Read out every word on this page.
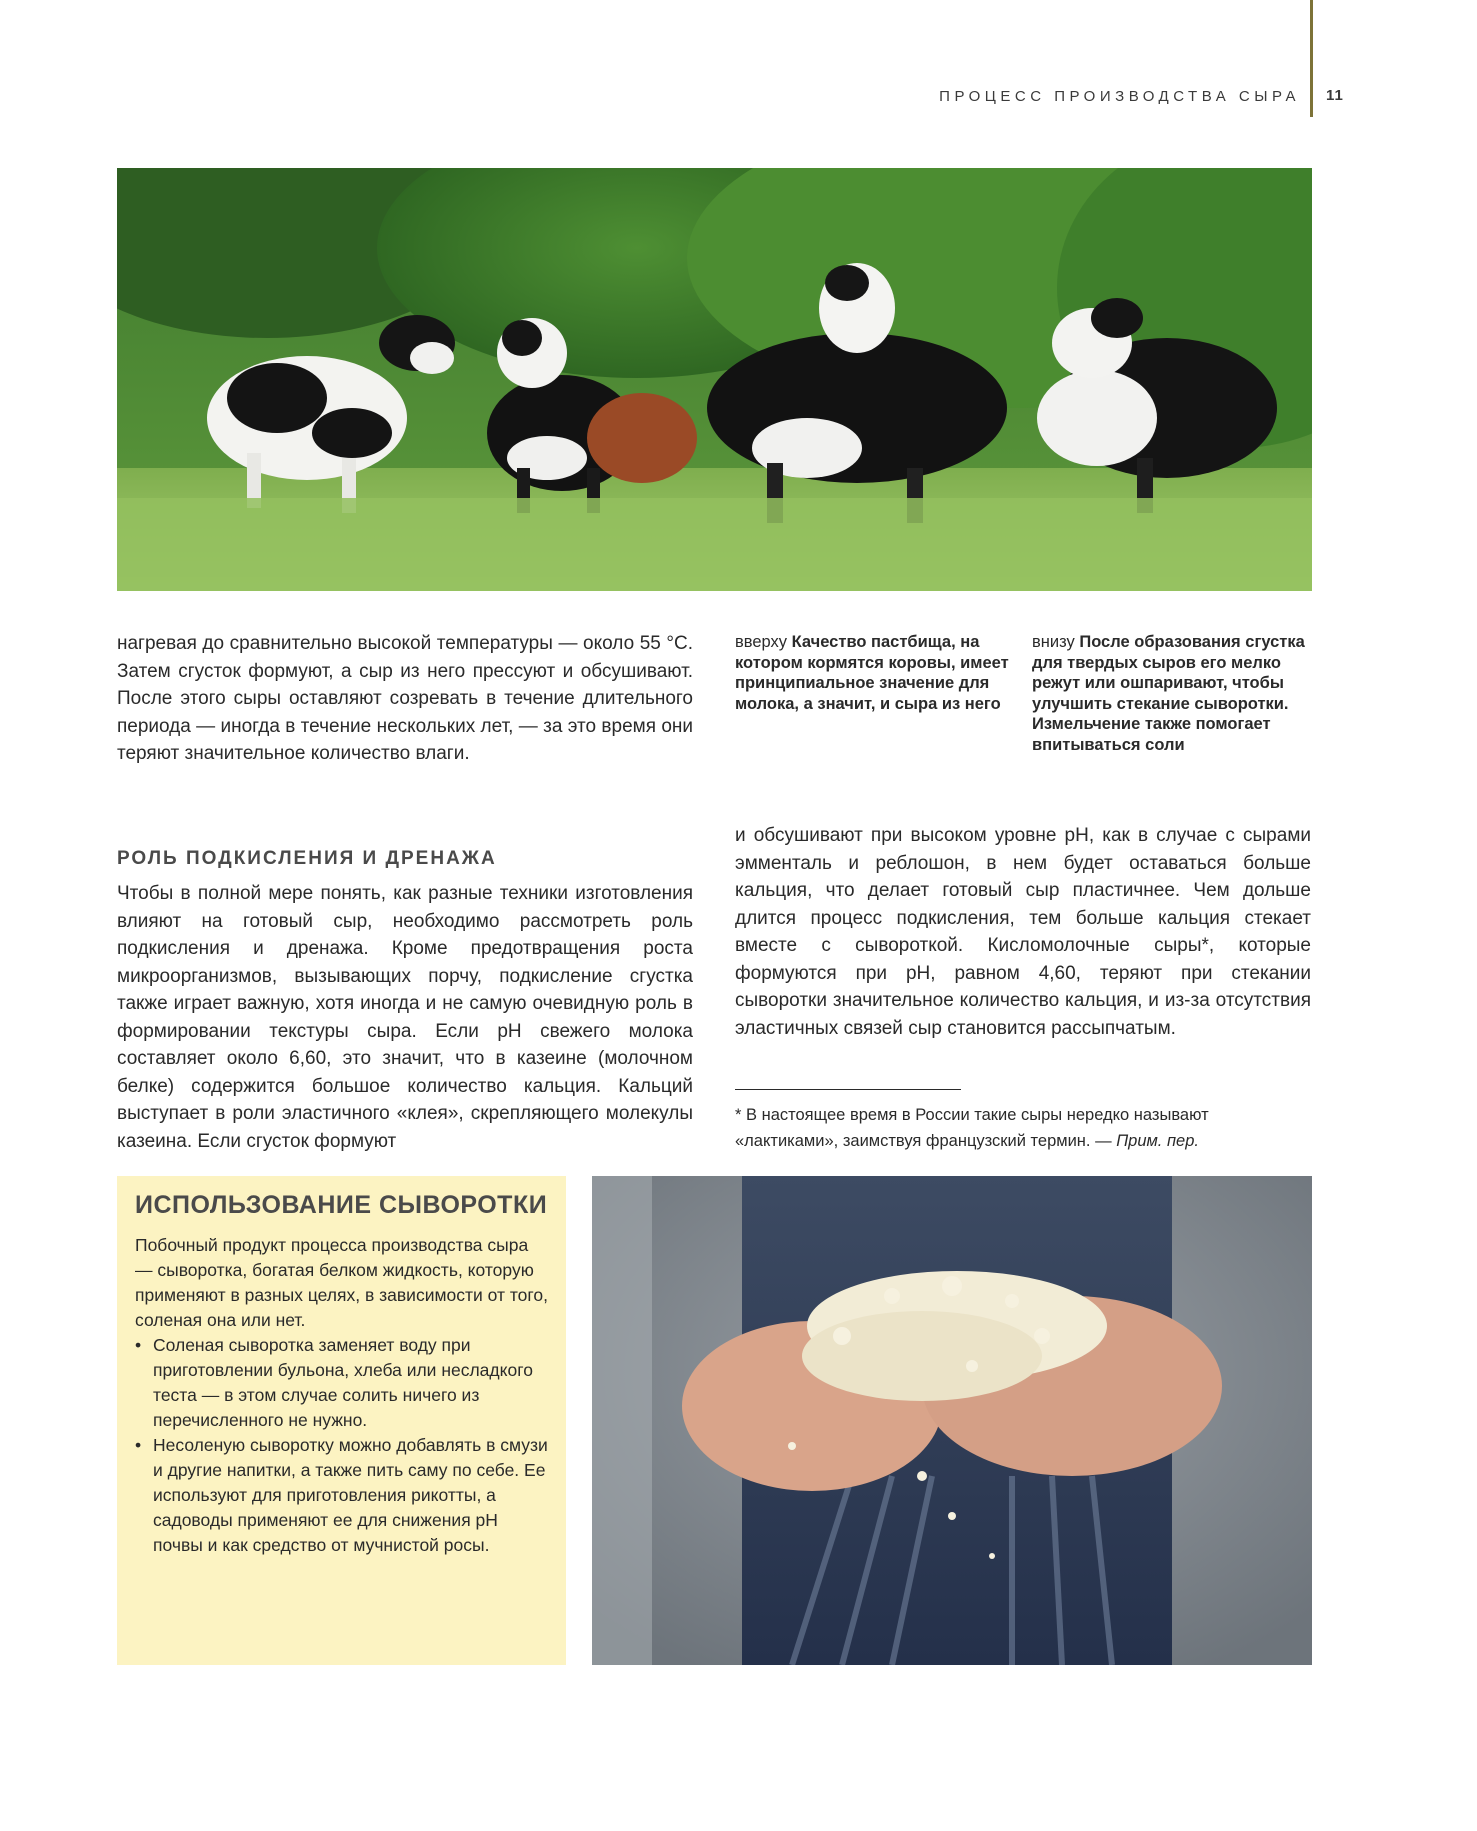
ПРОЦЕСС ПРОИЗВОДСТВА СЫРА 11

нагревая до сравнительно высокой температуры — около 55 °С. Затем сгусток формуют, а сыр из него прессуют и обсушивают. После этого сыры оставляют созревать в течение длительного периода — иногда в течение нескольких лет, — за это время они теряют значительное количество влаги.

вверху Качество пастбища, на котором кормятся коровы, имеет принципиальное значение для молока, а значит, и сыра из него
внизу После образования сгустка для твердых сыров его мелко режут или ошпаривают, чтобы улучшить стекание сыворотки. Измельчение также помогает впитываться соли
РОЛЬ ПОДКИСЛЕНИЯ И ДРЕНАЖА

Чтобы в полной мере понять, как разные техники изготовления влияют на готовый сыр, необходимо рассмотреть роль подкисления и дренажа. Кроме предотвращения роста микроорганизмов, вызывающих порчу, подкисление сгустка также играет важную, хотя иногда и не самую очевидную роль в формировании текстуры сыра. Если pH свежего молока составляет около 6,60, это значит, что в казеине (молочном белке) содержится большое количество кальция. Кальций выступает в роли эластичного «клея», скрепляющего молекулы казеина. Если сгусток формуют

и обсушивают при высоком уровне pH, как в случае с сырами эмменталь и реблошон, в нем будет оставаться больше кальция, что делает готовый сыр пластичнее. Чем дольше длится процесс подкисления, тем больше кальция стекает вместе с сывороткой. Кисломолочные сыры*, которые формуются при pH, равном 4,60, теряют при стекании сыворотки значительное количество кальция, и из-за отсутствия эластичных связей сыр становится рассыпчатым.

* В настоящее время в России такие сыры нередко называют «лактиками», заимствуя французский термин. — Прим. пер.
ИСПОЛЬЗОВАНИЕ СЫВОРОТКИ

Побочный продукт процесса производства сыра — сыворотка, богатая белком жидкость, которую применяют в разных целях, в зависимости от того, соленая она или нет.

• Соленая сыворотка заменяет воду при приготовлении бульона, хлеба или несладкого теста — в этом случае солить ничего из перечисленного не нужно.
• Несоленую сыворотку можно добавлять в смузи и другие напитки, а также пить саму по себе. Ее используют для приготовления рикотты, а садоводы применяют ее для снижения pH почвы и как средство от мучнистой росы.
